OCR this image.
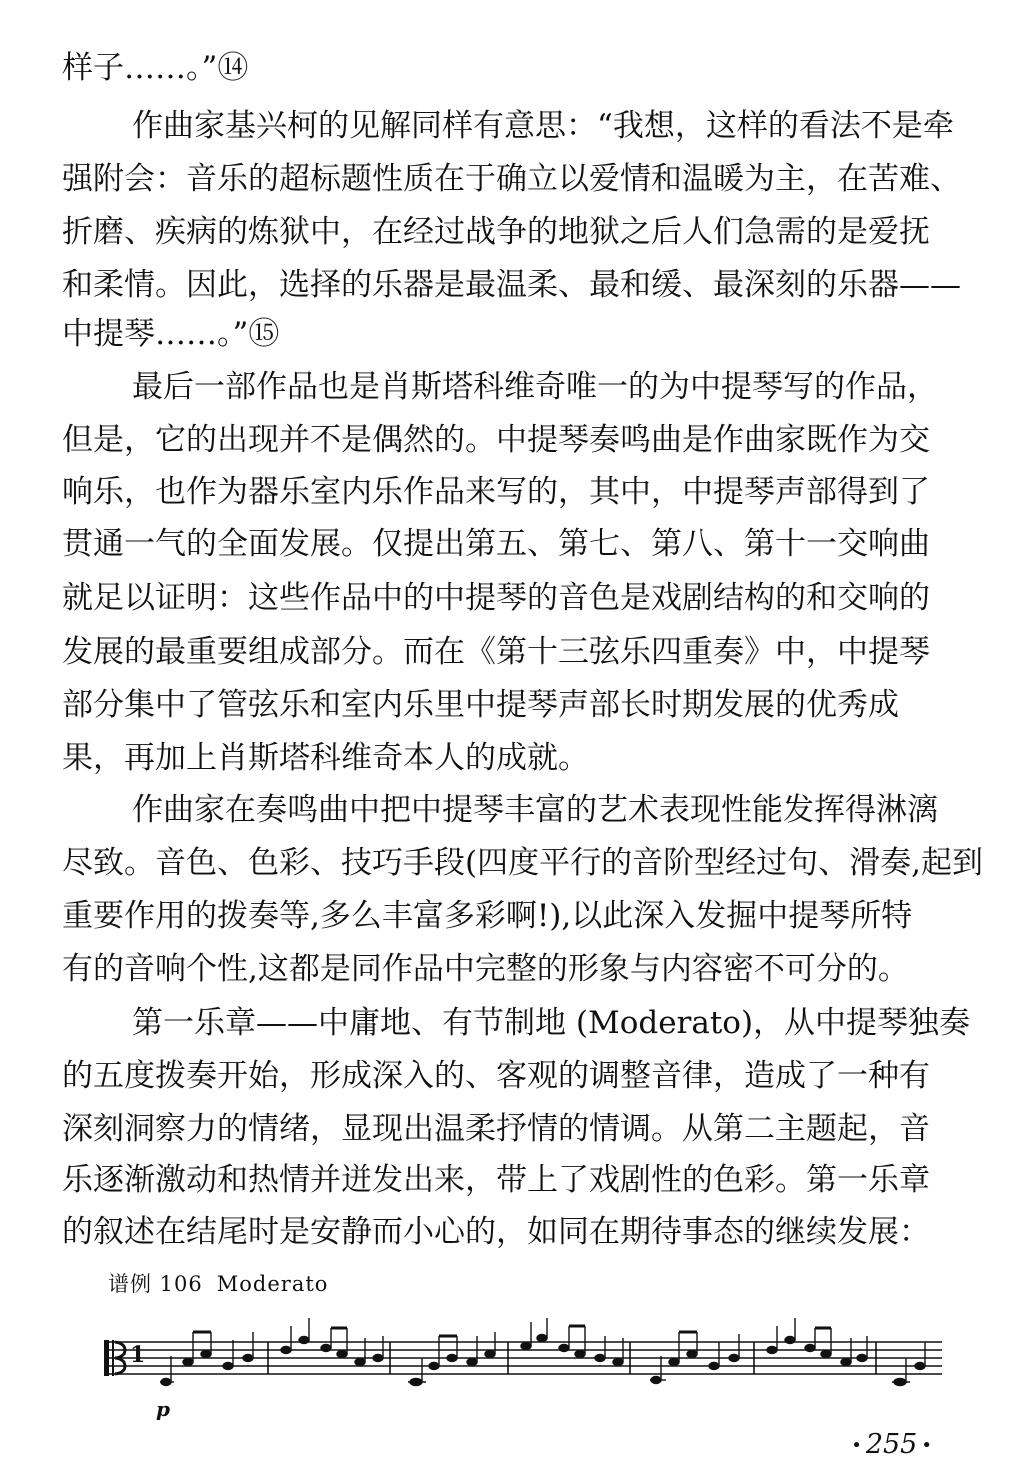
样子……。”⑭
作曲家基兴柯的见解同样有意思：“我想，这样的看法不是牵
强附会：音乐的超标题性质在于确立以爱情和温暖为主，在苦难、
折磨、疾病的炼狱中，在经过战争的地狱之后人们急需的是爱抚
和柔情。因此，选择的乐器是最温柔、最和缓、最深刻的乐器——
中提琴……。”⑮
最后一部作品也是肖斯塔科维奇唯一的为中提琴写的作品，
但是，它的出现并不是偶然的。中提琴奏鸣曲是作曲家既作为交
响乐，也作为器乐室内乐作品来写的，其中，中提琴声部得到了
贯通一气的全面发展。仅提出第五、第七、第八、第十一交响曲
就足以证明：这些作品中的中提琴的音色是戏剧结构的和交响的
发展的最重要组成部分。而在《第十三弦乐四重奏》中，中提琴
部分集中了管弦乐和室内乐里中提琴声部长时期发展的优秀成
果，再加上肖斯塔科维奇本人的成就。
作曲家在奏鸣曲中把中提琴丰富的艺术表现性能发挥得淋漓
尽致。音色、色彩、技巧手段(四度平行的音阶型经过句、滑奏,起到
重要作用的拨奏等,多么丰富多彩啊!),以此深入发掘中提琴所特
有的音响个性,这都是同作品中完整的形象与内容密不可分的。
第一乐章——中庸地、有节制地 (Moderato)，从中提琴独奏
的五度拨奏开始，形成深入的、客观的调整音律，造成了一种有
深刻洞察力的情绪，显现出温柔抒情的情调。从第二主题起，音
乐逐渐激动和热情并迸发出来，带上了戏剧性的色彩。第一乐章
的叙述在结尾时是安静而小心的，如同在期待事态的继续发展：
谱例 106 Moderato
1
p
• 255 •
